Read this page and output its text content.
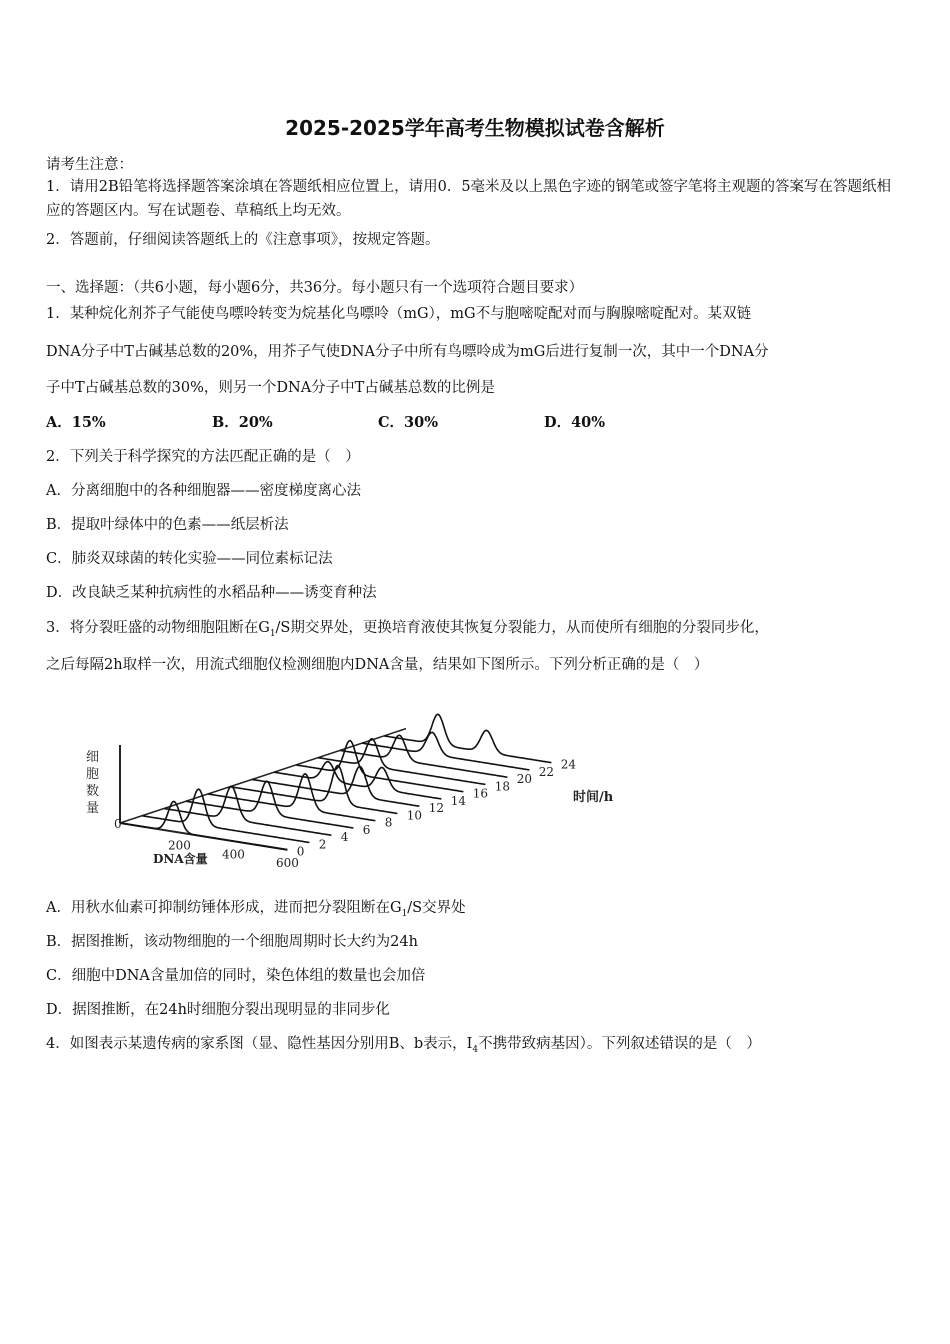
2025-2025学年高考生物模拟试卷含解析
请考生注意：
1．请用2B铅笔将选择题答案涂填在答题纸相应位置上，请用0．5毫米及以上黑色字迹的钢笔或签字笔将主观题的答案写在答题纸相应的答题区内。写在试题卷、草稿纸上均无效。
2．答题前，仔细阅读答题纸上的《注意事项》，按规定答题。
一、选择题：（共6小题，每小题6分，共36分。每小题只有一个选项符合题目要求）
1．某种烷化剂芥子气能使鸟嘌呤转变为烷基化鸟嘌呤（mG），mG不与胞嘧啶配对而与胸腺嘧啶配对。某双链
DNA分子中T占碱基总数的20%，用芥子气使DNA分子中所有鸟嘌呤成为mG后进行复制一次，其中一个DNA分
子中T占碱基总数的30%，则另一个DNA分子中T占碱基总数的比例是
A．15%	B．20%	C．30%	D．40%
2．下列关于科学探究的方法匹配正确的是（　）
A．分离细胞中的各种细胞器——密度梯度离心法
B．提取叶绿体中的色素——纸层析法
C．肺炎双球菌的转化实验——同位素标记法
D．改良缺乏某种抗病性的水稻品种——诱变育种法
3．将分裂旺盛的动物细胞阻断在$G_1/S$期交界处，更换培育液使其恢复分裂能力，从而使所有细胞的分裂同步化，
之后每隔2h取样一次，用流式细胞仪检测细胞内DNA含量，结果如下图所示。下列分析正确的是（　）
细胞数量
0
200
400
600
DNA含量
0
2
4
6
8
10
12
14
16
18
20
22
24
时间/h
A．用秋水仙素可抑制纺锤体形成，进而把分裂阻断在$G_1/S$交界处
B．据图推断，该动物细胞的一个细胞周期时长大约为24h
C．细胞中DNA含量加倍的同时，染色体组的数量也会加倍
D．据图推断，在24h时细胞分裂出现明显的非同步化
4．如图表示某遗传病的家系图（显、隐性基因分别用B、b表示，$Ⅰ_4$不携带致病基因）。下列叙述错误的是（　）
